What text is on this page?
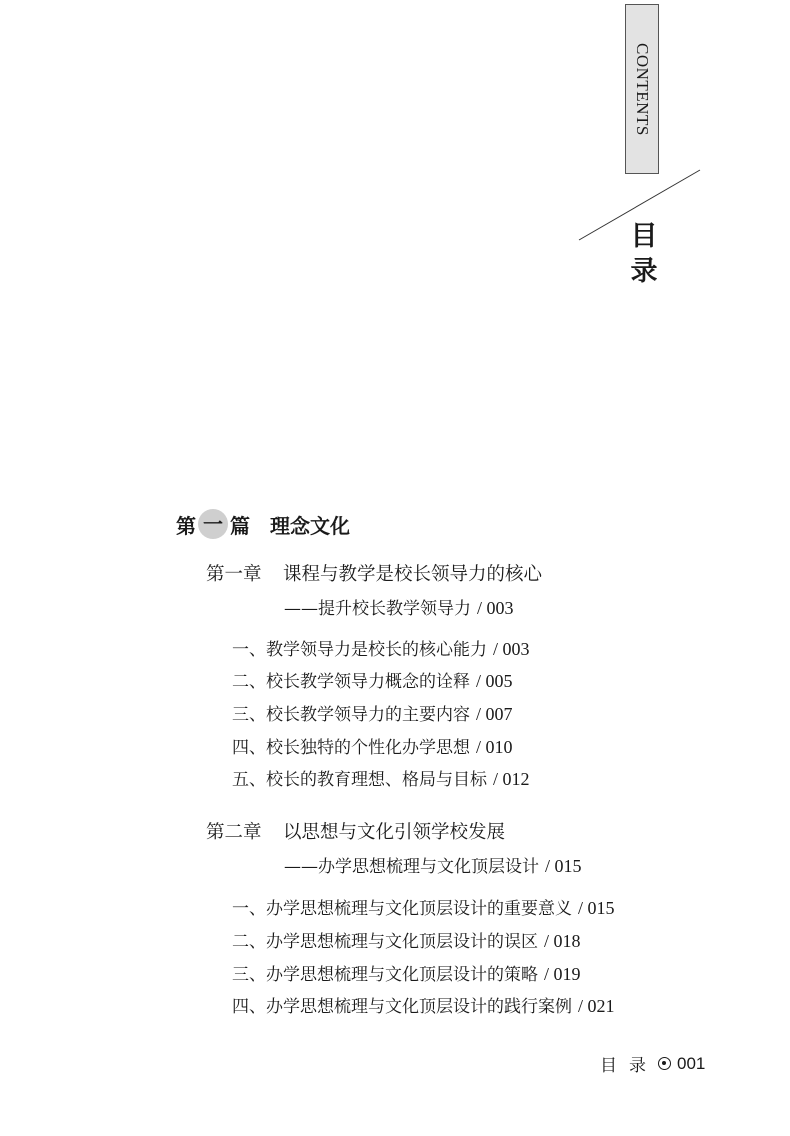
CONTENTS
目
录
第 一 篇 理念文化
第一章 课程与教学是校长领导力的核心
——提升校长教学领导力 / 003
一、教学领导力是校长的核心能力 / 003
二、校长教学领导力概念的诠释 / 005
三、校长教学领导力的主要内容 / 007
四、校长独特的个性化办学思想 / 010
五、校长的教育理想、格局与目标 / 012
第二章 以思想与文化引领学校发展
——办学思想梳理与文化顶层设计 / 015
一、办学思想梳理与文化顶层设计的重要意义 / 015
二、办学思想梳理与文化顶层设计的误区 / 018
三、办学思想梳理与文化顶层设计的策略 / 019
四、办学思想梳理与文化顶层设计的践行案例 / 021
目录 001
